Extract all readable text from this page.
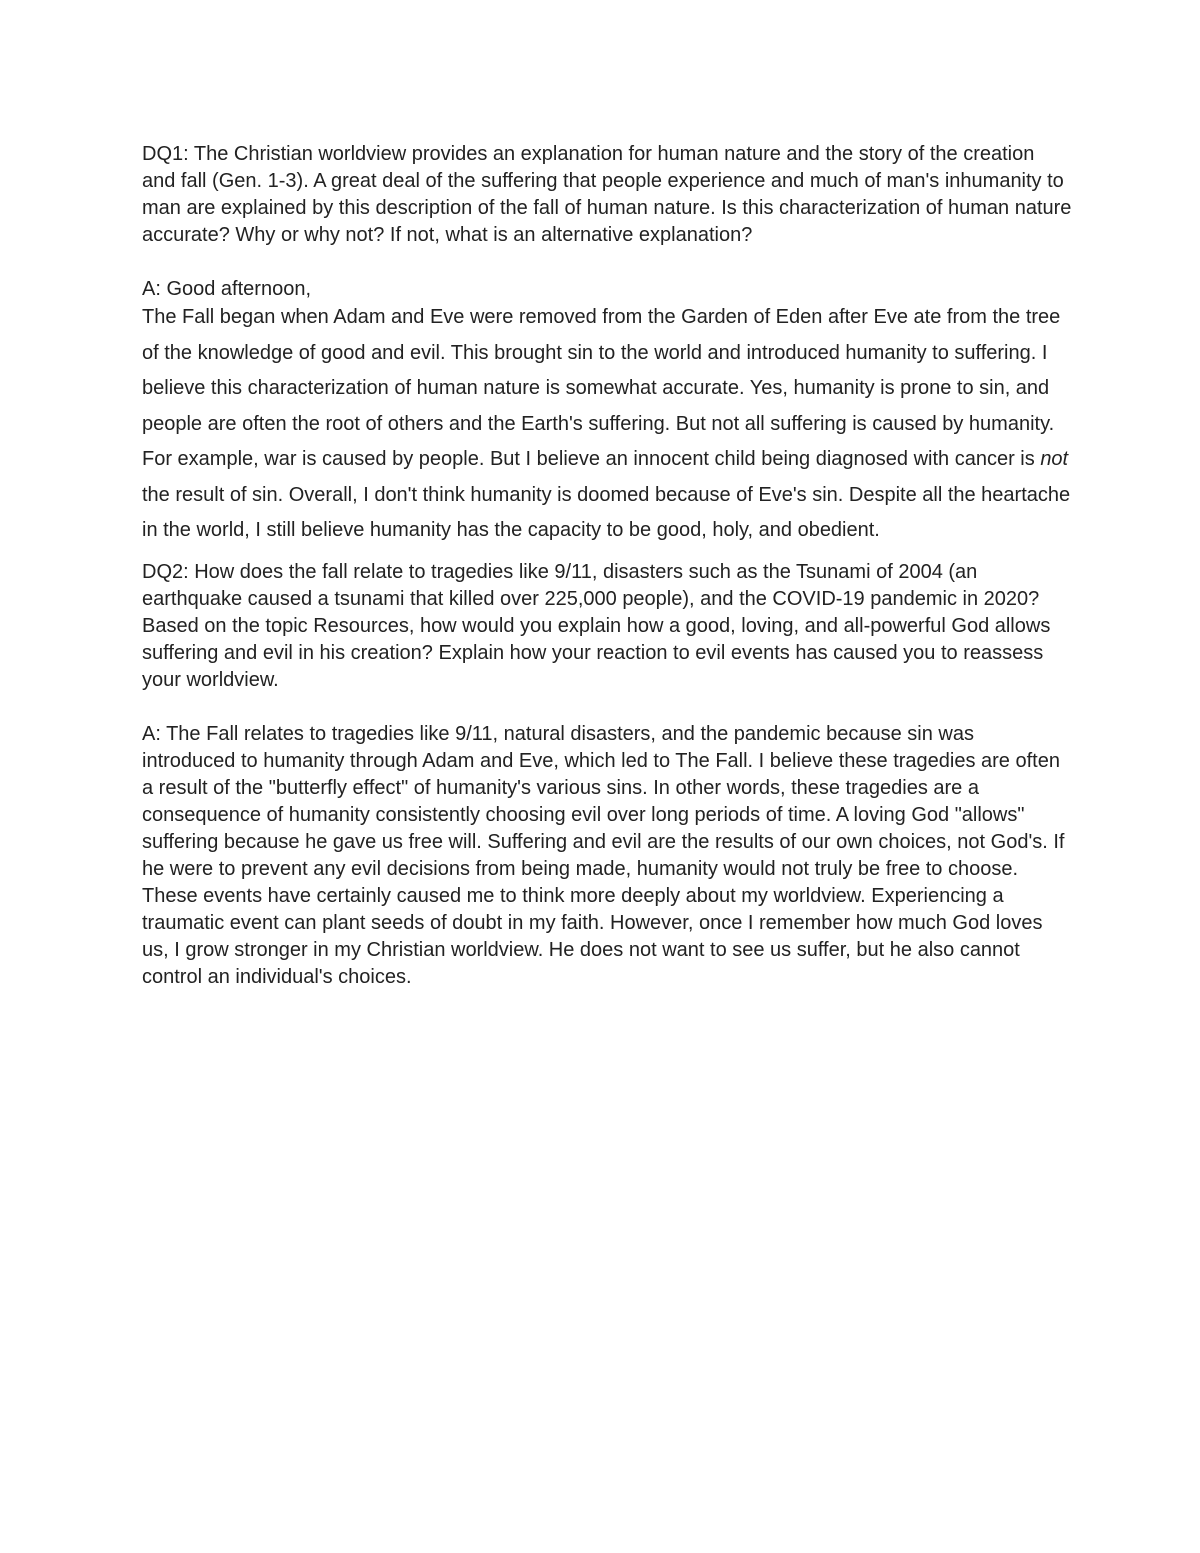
DQ1: The Christian worldview provides an explanation for human nature and the story of the creation and fall (Gen. 1-3). A great deal of the suffering that people experience and much of man's inhumanity to man are explained by this description of the fall of human nature. Is this characterization of human nature accurate? Why or why not? If not, what is an alternative explanation?

A: Good afternoon,

The Fall began when Adam and Eve were removed from the Garden of Eden after Eve ate from the tree of the knowledge of good and evil. This brought sin to the world and introduced humanity to suffering. I believe this characterization of human nature is somewhat accurate. Yes, humanity is prone to sin, and people are often the root of others and the Earth's suffering. But not all suffering is caused by humanity. For example, war is caused by people. But I believe an innocent child being diagnosed with cancer is not the result of sin. Overall, I don't think humanity is doomed because of Eve's sin. Despite all the heartache in the world, I still believe humanity has the capacity to be good, holy, and obedient.

DQ2: How does the fall relate to tragedies like 9/11, disasters such as the Tsunami of 2004 (an earthquake caused a tsunami that killed over 225,000 people), and the COVID-19 pandemic in 2020? Based on the topic Resources, how would you explain how a good, loving, and all-powerful God allows suffering and evil in his creation? Explain how your reaction to evil events has caused you to reassess your worldview.

A: The Fall relates to tragedies like 9/11, natural disasters, and the pandemic because sin was introduced to humanity through Adam and Eve, which led to The Fall. I believe these tragedies are often a result of the "butterfly effect" of humanity's various sins. In other words, these tragedies are a consequence of humanity consistently choosing evil over long periods of time. A loving God "allows" suffering because he gave us free will. Suffering and evil are the results of our own choices, not God's. If he were to prevent any evil decisions from being made, humanity would not truly be free to choose. These events have certainly caused me to think more deeply about my worldview. Experiencing a traumatic event can plant seeds of doubt in my faith. However, once I remember how much God loves us, I grow stronger in my Christian worldview. He does not want to see us suffer, but he also cannot control an individual's choices.
